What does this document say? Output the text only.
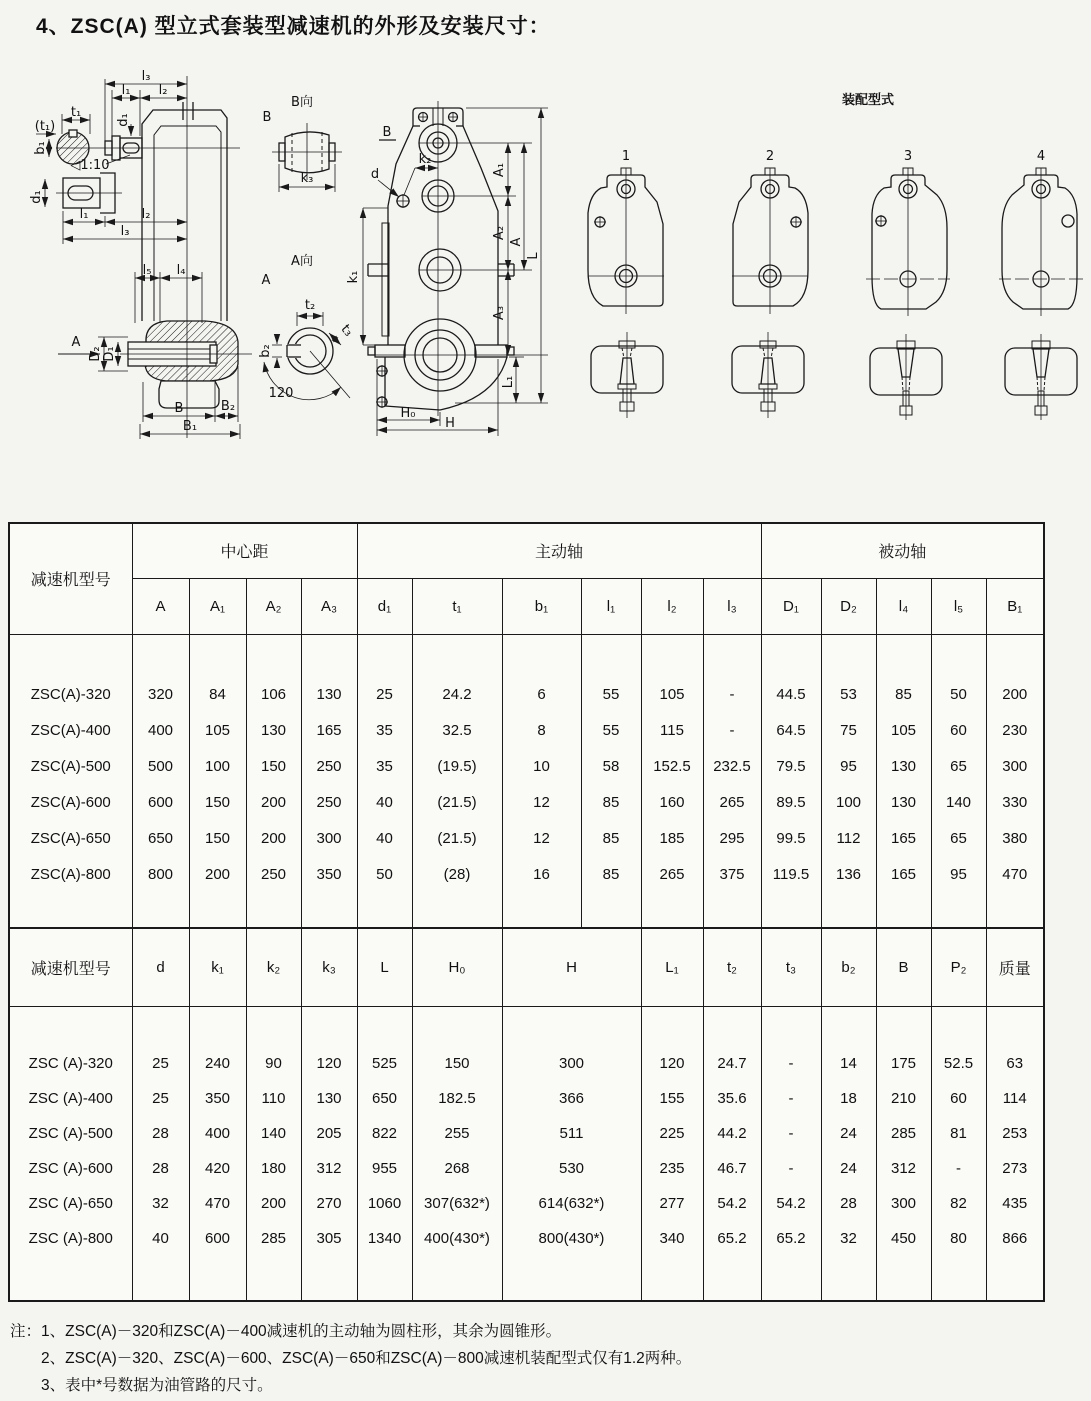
4、ZSC(A) 型立式套装型减速机的外形及安装尺寸：
l₃
l₁ l₂
t₁
(t₁)
b₁
d₁
◁1:10
d₁
l₁	l₂
l₃
l₅ l₄
A
D₂ D₁
B	B₂
B₁
B向
B
k₃
A向
A
t₂
b₂
t₃
120
B
k₂
d
k₁
A₁
A₂
A
A₃
L
L₁
H₀
H
装配型式
1	2	3	4
减速机型号	中心距				主动轴						被动轴				
	A	A₁	A₂	A₃	d₁	t₁	b₁	l₁	l₂	l₃	D₁	D₂	l₄	l₅	B₁

ZSC(A)-320	320	84	106	130	25	24.2	6	55	105	-	44.5	53	85	50	200
ZSC(A)-400	400	105	130	165	35	32.5	8	55	115	-	64.5	75	105	60	230
ZSC(A)-500	500	100	150	250	35	(19.5)	10	58	152.5	232.5	79.5	95	130	65	300
ZSC(A)-600	600	150	200	250	40	(21.5)	12	85	160	265	89.5	100	130	140	330
ZSC(A)-650	650	150	200	300	40	(21.5)	12	85	185	295	99.5	112	165	65	380
ZSC(A)-800	800	200	250	350	50	(28)	16	85	265	375	119.5	136	165	95	470

减速机型号	d	k₁	k₂	k₃	L	H₀	H	L₁	t₂	t₃	b₂	B	P₂	质量

ZSC (A)-320	25	240	90	120	525	150	300	120	24.7	-	14	175	52.5	63
ZSC (A)-400	25	350	110	130	650	182.5	366	155	35.6	-	18	210	60	114
ZSC (A)-500	28	400	140	205	822	255	511	225	44.2	-	24	285	81	253
ZSC (A)-600	28	420	180	312	955	268	530	235	46.7	-	24	312	-	273
ZSC (A)-650	32	470	200	270	1060	307(632*)	614(632*)	277	54.2	54.2	28	300	82	435
ZSC (A)-800	40	600	285	305	1340	400(430*)	800(430*)	340	65.2	65.2	32	450	80	866

注： 1、ZSC(A)－320和ZSC(A)－400减速机的主动轴为圆柱形，其余为圆锥形。
2、ZSC(A)－320、ZSC(A)－600、ZSC(A)－650和ZSC(A)－800减速机装配型式仅有1.2两种。
3、表中*号数据为油管路的尺寸。
